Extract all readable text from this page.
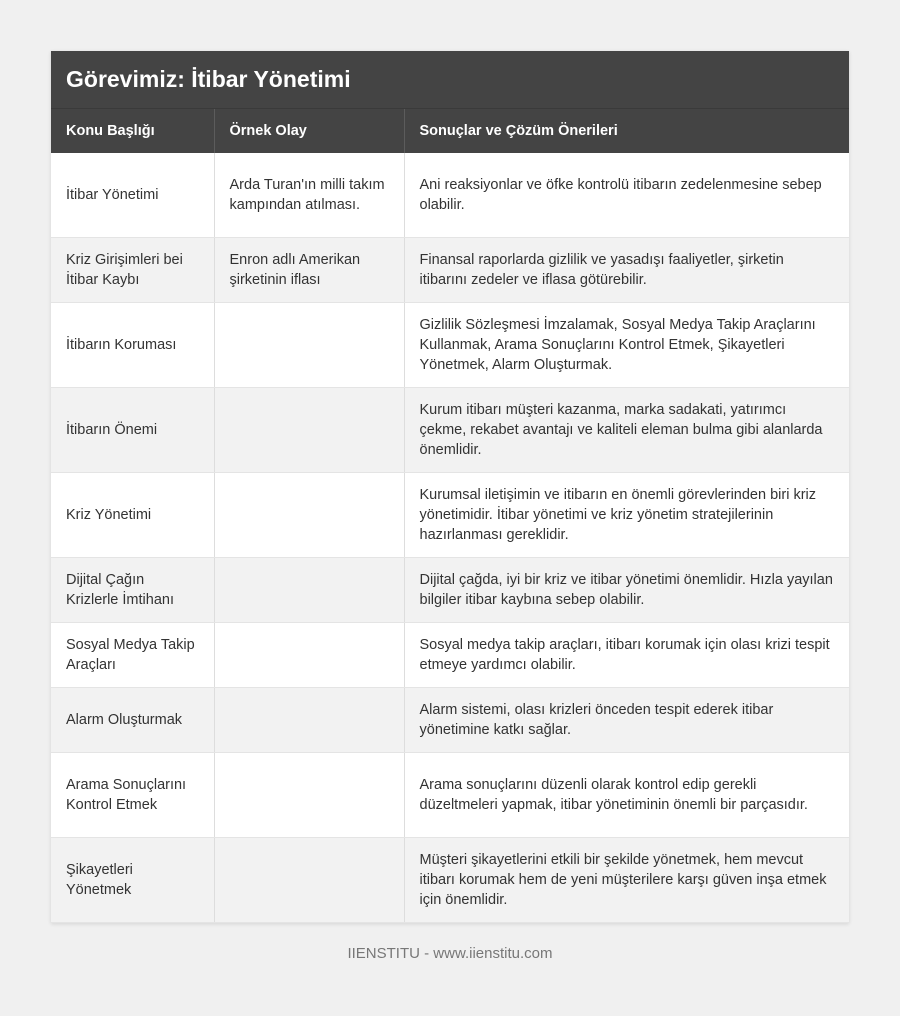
Görevimiz: İtibar Yönetimi
Konu Başlığı	Örnek Olay	Sonuçlar ve Çözüm Önerileri
İtibar Yönetimi	Arda Turan'ın milli takım kampından atılması.	Ani reaksiyonlar ve öfke kontrolü itibarın zedelenmesine sebep olabilir.
Kriz Girişimleri bei İtibar Kaybı	Enron adlı Amerikan şirketinin iflası	Finansal raporlarda gizlilik ve yasadışı faaliyetler, şirketin itibarını zedeler ve iflasa götürebilir.
İtibarın Koruması		Gizlilik Sözleşmesi İmzalamak, Sosyal Medya Takip Araçlarını Kullanmak, Arama Sonuçlarını Kontrol Etmek, Şikayetleri Yönetmek, Alarm Oluşturmak.
İtibarın Önemi		Kurum itibarı müşteri kazanma, marka sadakati, yatırımcı çekme, rekabet avantajı ve kaliteli eleman bulma gibi alanlarda önemlidir.
Kriz Yönetimi		Kurumsal iletişimin ve itibarın en önemli görevlerinden biri kriz yönetimidir. İtibar yönetimi ve kriz yönetim stratejilerinin hazırlanması gereklidir.
Dijital Çağın Krizlerle İmtihanı		Dijital çağda, iyi bir kriz ve itibar yönetimi önemlidir. Hızla yayılan bilgiler itibar kaybına sebep olabilir.
Sosyal Medya Takip Araçları		Sosyal medya takip araçları, itibarı korumak için olası krizi tespit etmeye yardımcı olabilir.
Alarm Oluşturmak		Alarm sistemi, olası krizleri önceden tespit ederek itibar yönetimine katkı sağlar.
Arama Sonuçlarını Kontrol Etmek		Arama sonuçlarını düzenli olarak kontrol edip gerekli düzeltmeleri yapmak, itibar yönetiminin önemli bir parçasıdır.
Şikayetleri Yönetmek		Müşteri şikayetlerini etkili bir şekilde yönetmek, hem mevcut itibarı korumak hem de yeni müşterilere karşı güven inşa etmek için önemlidir.
IIENSTITU - www.iienstitu.com
